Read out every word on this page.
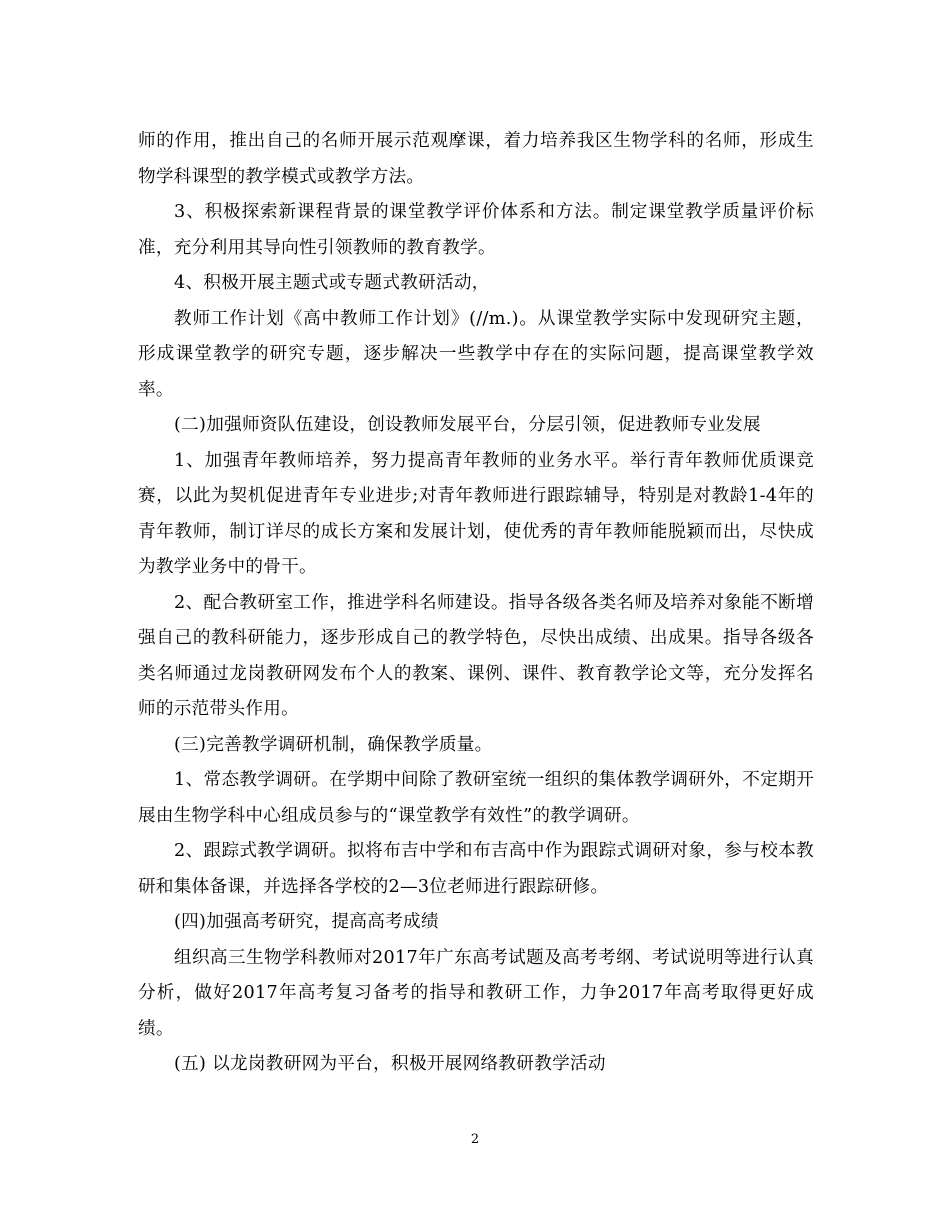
师的作用，推出自己的名师开展示范观摩课，着力培养我区生物学科的名师，形成生物学科课型的教学模式或教学方法。

3、积极探索新课程背景的课堂教学评价体系和方法。制定课堂教学质量评价标准，充分利用其导向性引领教师的教育教学。

4、积极开展主题式或专题式教研活动，

教师工作计划《高中教师工作计划》(//m.)。从课堂教学实际中发现研究主题，形成课堂教学的研究专题，逐步解决一些教学中存在的实际问题，提高课堂教学效率。

(二)加强师资队伍建设，创设教师发展平台，分层引领，促进教师专业发展

1、加强青年教师培养，努力提高青年教师的业务水平。举行青年教师优质课竞赛，以此为契机促进青年专业进步;对青年教师进行跟踪辅导，特别是对教龄1-4年的青年教师，制订详尽的成长方案和发展计划，使优秀的青年教师能脱颖而出，尽快成为教学业务中的骨干。

2、配合教研室工作，推进学科名师建设。指导各级各类名师及培养对象能不断增强自己的教科研能力，逐步形成自己的教学特色，尽快出成绩、出成果。指导各级各类名师通过龙岗教研网发布个人的教案、课例、课件、教育教学论文等，充分发挥名师的示范带头作用。

(三)完善教学调研机制，确保教学质量。

1、常态教学调研。在学期中间除了教研室统一组织的集体教学调研外，不定期开展由生物学科中心组成员参与的“课堂教学有效性”的教学调研。

2、跟踪式教学调研。拟将布吉中学和布吉高中作为跟踪式调研对象，参与校本教研和集体备课，并选择各学校的2—3位老师进行跟踪研修。

(四)加强高考研究，提高高考成绩

组织高三生物学科教师对2017年广东高考试题及高考考纲、考试说明等进行认真分析，做好2017年高考复习备考的指导和教研工作，力争2017年高考取得更好成绩。

(五) 以龙岗教研网为平台，积极开展网络教研教学活动

2
